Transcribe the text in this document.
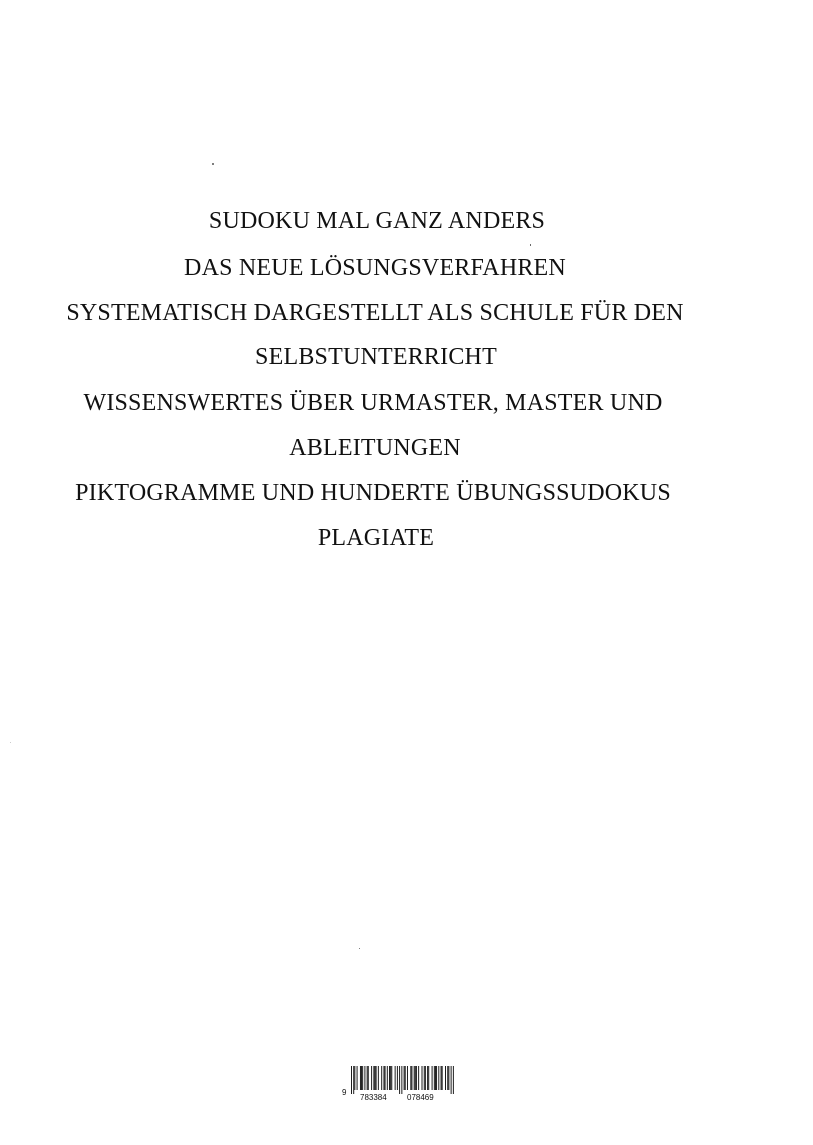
SUDOKU MAL GANZ ANDERS
DAS NEUE LÖSUNGSVERFAHREN
SYSTEMATISCH DARGESTELLT ALS SCHULE FÜR DEN
SELBSTUNTERRICHT
WISSENSWERTES ÜBER URMASTER, MASTER UND
ABLEITUNGEN
PIKTOGRAMME UND HUNDERTE ÜBUNGSSUDOKUS
PLAGIATE
9
783384	078469
